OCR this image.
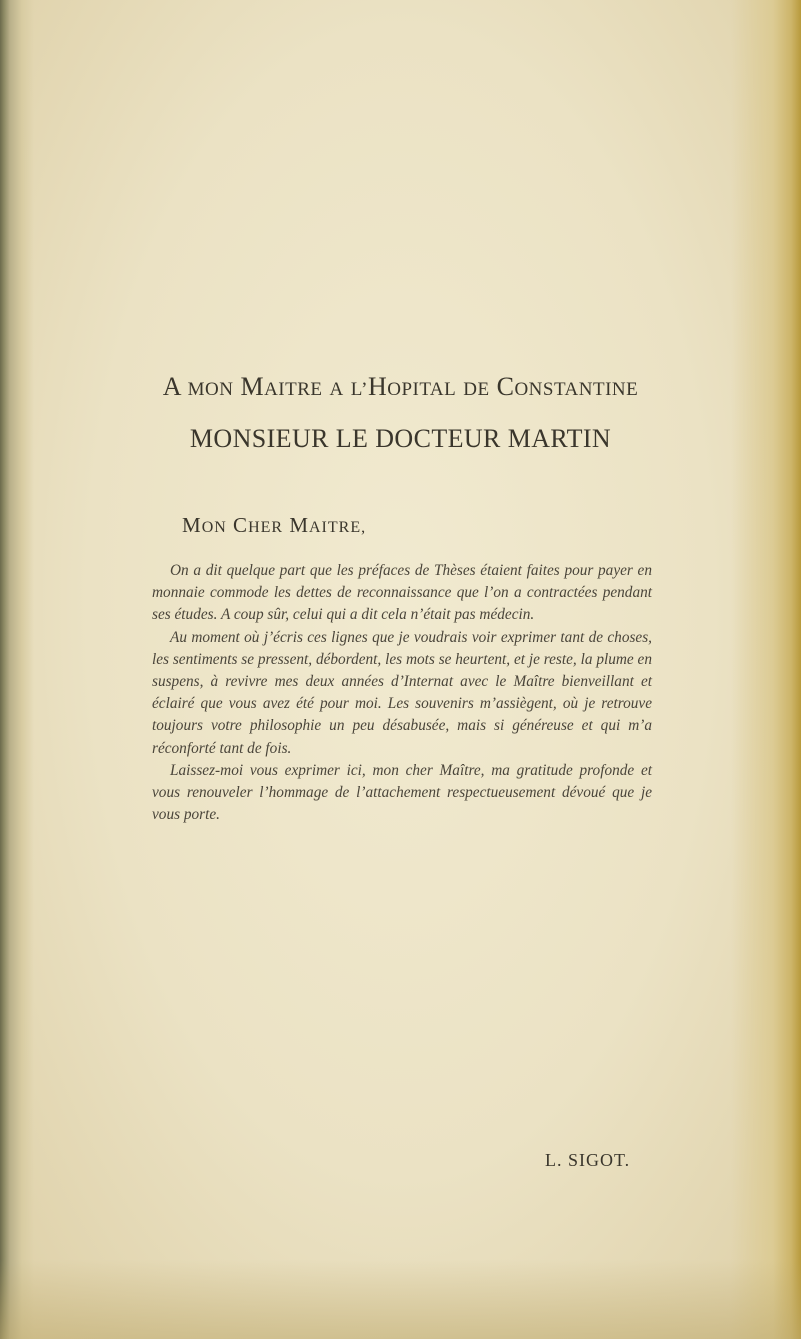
A MON MAITRE A L’HOPITAL DE CONSTANTINE
MONSIEUR LE DOCTEUR MARTIN
MON CHER MAITRE,

On a dit quelque part que les préfaces de Thèses étaient faites pour payer en monnaie commode les dettes de reconnaissance que l’on a contractées pendant ses études. A coup sûr, celui qui a dit cela n’était pas médecin.

Au moment où j’écris ces lignes que je voudrais voir exprimer tant de choses, les sentiments se pressent, débordent, les mots se heurtent, et je reste, la plume en suspens, à revivre mes deux années d’Internat avec le Maître bienveillant et éclairé que vous avez été pour moi. Les souvenirs m’assiègent, où je retrouve toujours votre philosophie un peu désabusée, mais si généreuse et qui m’a réconforté tant de fois.

Laissez-moi vous exprimer ici, mon cher Maître, ma gratitude profonde et vous renouveler l’hommage de l’attachement respectueusement dévoué que je vous porte.

L. SIGOT.
